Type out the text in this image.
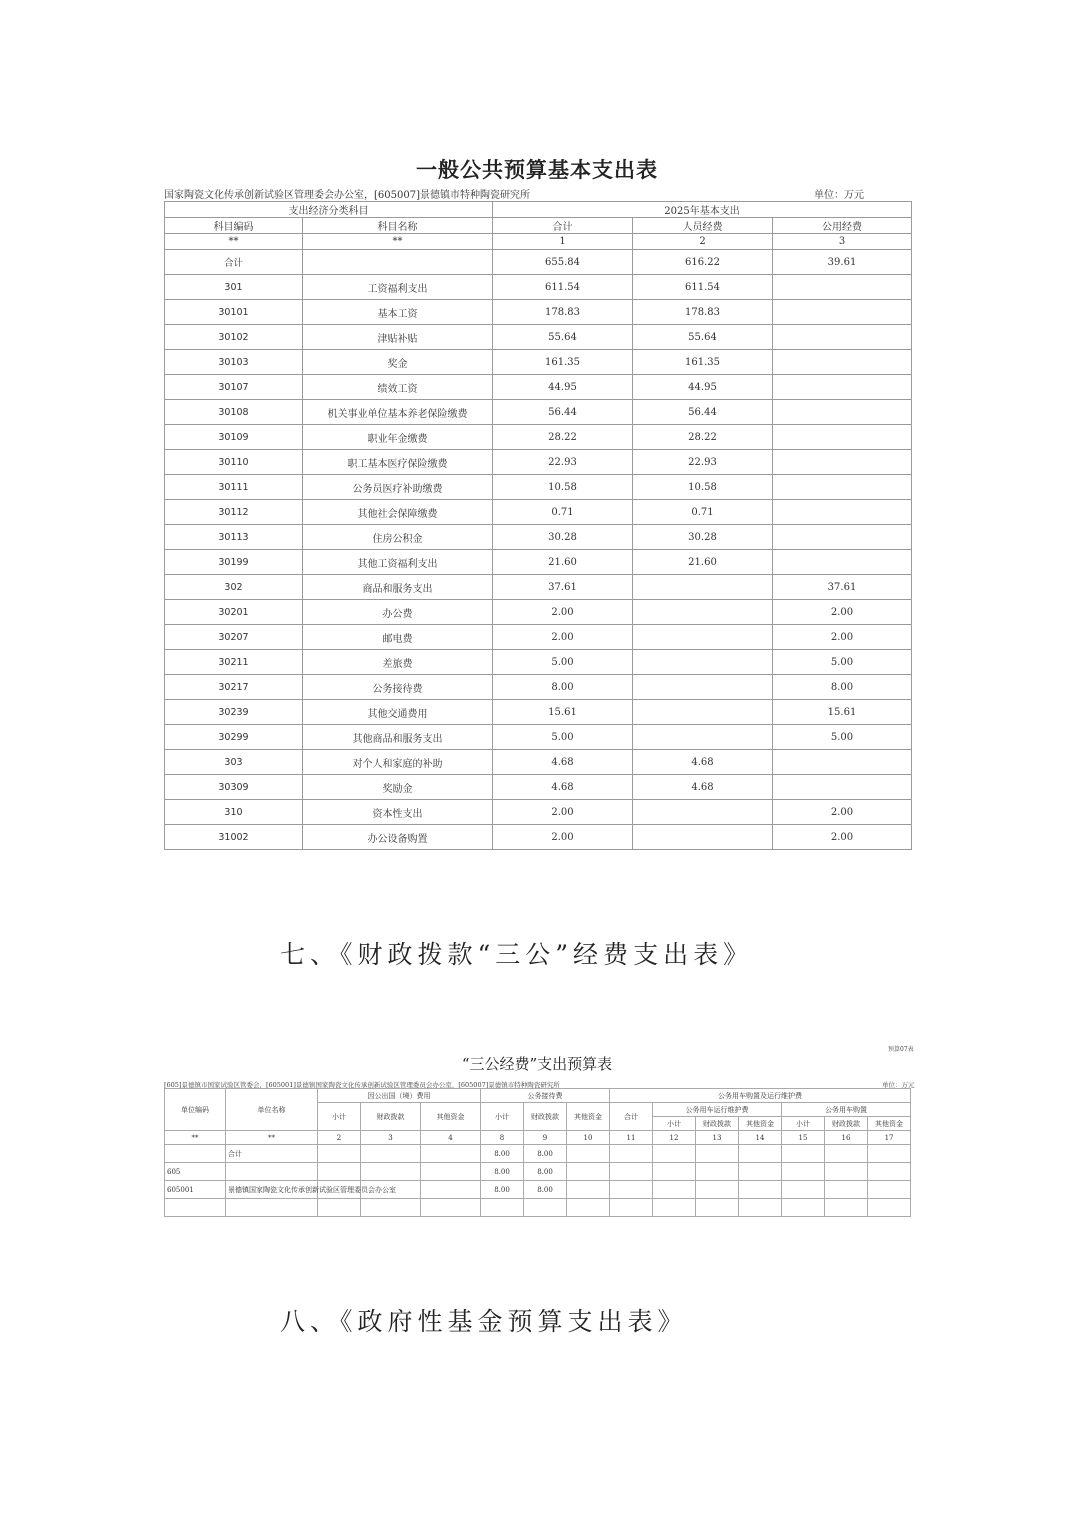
一般公共预算基本支出表
国家陶瓷文化传承创新试验区管理委会办公室，[605007]景德镇市特种陶瓷研究所	单位：万元
支出经济分类科目		2025年基本支出		
科目编码	科目名称	合计	人员经费	公用经费
**	**	1	2	3
合计		655.84	616.22	39.61
301	工资福利支出	611.54	611.54	
30101	基本工资	178.83	178.83	
30102	津贴补贴	55.64	55.64	
30103	奖金	161.35	161.35	
30107	绩效工资	44.95	44.95	
30108	机关事业单位基本养老保险缴费	56.44	56.44	
30109	职业年金缴费	28.22	28.22	
30110	职工基本医疗保险缴费	22.93	22.93	
30111	公务员医疗补助缴费	10.58	10.58	
30112	其他社会保障缴费	0.71	0.71	
30113	住房公积金	30.28	30.28	
30199	其他工资福利支出	21.60	21.60	
302	商品和服务支出	37.61		37.61
30201	办公费	2.00		2.00
30207	邮电费	2.00		2.00
30211	差旅费	5.00		5.00
30217	公务接待费	8.00		8.00
30239	其他交通费用	15.61		15.61
30299	其他商品和服务支出	5.00		5.00
303	对个人和家庭的补助	4.68	4.68	
30309	奖励金	4.68	4.68	
310	资本性支出	2.00		2.00
31002	办公设备购置	2.00		2.00
七、《财政拨款“三公”经费支出表》
预算07表
“三公经费”支出预算表
[605]景德镇市国家试验区管委会，[605001]景德镇国家陶瓷文化传承创新试验区管理委员会办公室，[605007]景德镇市特种陶瓷研究所	单位：万元
单位编码	单位名称	因公出国（境）费用			公务接待费			公务用车购置及运行维护费						
		小计	财政拨款	其他资金	小计	财政拨款	其他资金	合计	公务用车运行维护费			公务用车购置		
									小计	财政拨款	其他资金	小计	财政拨款	其他资金
**	**	2	3	4	8	9	10	11	12	13	14	15	16	17
	合计				8.00	8.00								
605					8.00	8.00								
605001	景德镇国家陶瓷文化传承创新试验区管理委员会办公室				8.00	8.00								

八、《政府性基金预算支出表》
